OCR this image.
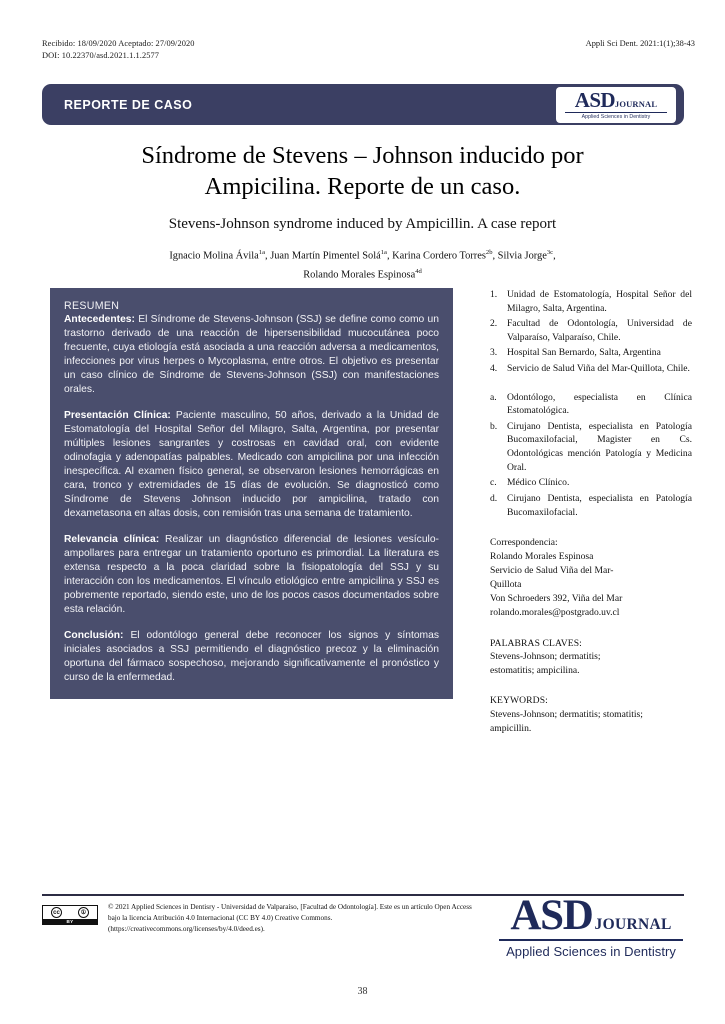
Recibido: 18/09/2020 Aceptado: 27/09/2020
DOI: 10.22370/asd.2021.1.1.2577
Appli Sci Dent. 2021:1(1);38-43
REPORTE DE CASO	ASD JOURNAL
Applied Sciences in Dentistry
Síndrome de Stevens – Johnson inducido por
Ampicilina. Reporte de un caso.
Stevens-Johnson syndrome induced by Ampicillin. A case report

Ignacio Molina Ávila$^{1a}$, Juan Martín Pimentel Solá$^{1a}$, Karina Cordero Torres$^{2b}$, Silvia Jorge$^{3c}$,
Rolando Morales Espinosa$^{4d}$

RESUMEN

Antecedentes: El Síndrome de Stevens-Johnson (SSJ) se define como como un trastorno derivado de una reacción de hipersensibilidad mucocutánea poco frecuente, cuya etiología está asociada a una reacción adversa a medicamentos, infecciones por virus herpes o Mycoplasma, entre otros. El objetivo es presentar un caso clínico de Síndrome de Stevens-Johnson (SSJ) con manifestaciones orales.

Presentación Clínica: Paciente masculino, 50 años, derivado a la Unidad de Estomatología del Hospital Señor del Milagro, Salta, Argentina, por presentar múltiples lesiones sangrantes y costrosas en cavidad oral, con evidente odinofagia y adenopatías palpables. Medicado con ampicilina por una infección inespecífica. Al examen físico general, se observaron lesiones hemorrágicas en cara, tronco y extremidades de 15 días de evolución. Se diagnosticó como Síndrome de Stevens Johnson inducido por ampicilina, tratado con dexametasona en altas dosis, con remisión tras una semana de tratamiento.

Relevancia clínica: Realizar un diagnóstico diferencial de lesiones vesículo-ampollares para entregar un tratamiento oportuno es primordial. La literatura es extensa respecto a la poca claridad sobre la fisiopatología del SSJ y su interacción con los medicamentos. El vínculo etiológico entre ampicilina y SSJ es pobremente reportado, siendo este, uno de los pocos casos documentados sobre esta relación.

Conclusión: El odontólogo general debe reconocer los signos y síntomas iniciales asociados a SSJ permitiendo el diagnóstico precoz y la eliminación oportuna del fármaco sospechoso, mejorando significativamente el pronóstico y curso de la enfermedad.

1.	Unidad de Estomatología, Hospital Señor del Milagro, Salta, Argentina.
2.	Facultad de Odontología, Universidad de Valparaíso, Valparaíso, Chile.
3.	Hospital San Bernardo, Salta, Argentina
4.	Servicio de Salud Viña del Mar-Quillota, Chile.
a.	Odontólogo, especialista en Clínica Estomatológica.
b.	Cirujano Dentista, especialista en Patología Bucomaxilofacial, Magister en Cs. Odontológicas mención Patología y Medicina Oral.
c.	Médico Clínico.
d.	Cirujano Dentista, especialista en Patología Bucomaxilofacial.

Correspondencia:

Rolando Morales Espinosa

Servicio de Salud Viña del Mar-

Quillota

Von Schroeders 392, Viña del Mar

rolando.morales@postgrado.uv.cl

PALABRAS CLAVES:

Stevens-Johnson; dermatitis;

estomatitis; ampicilina.

KEYWORDS:

Stevens-Johnson; dermatitis; stomatitis;

ampicillin.

cc	①
BY

© 2021 Applied Sciences in Dentisry - Universidad de Valparaíso, [Facultad de Odontología]. Este es un artículo Open Access

bajo la licencia Atribución 4.0 Internacional (CC BY 4.0) Creative Commons.

(https://creativecommons.org/licenses/by/4.0/deed.es).	ASD JOURNAL
Applied Sciences in Dentistry
38
